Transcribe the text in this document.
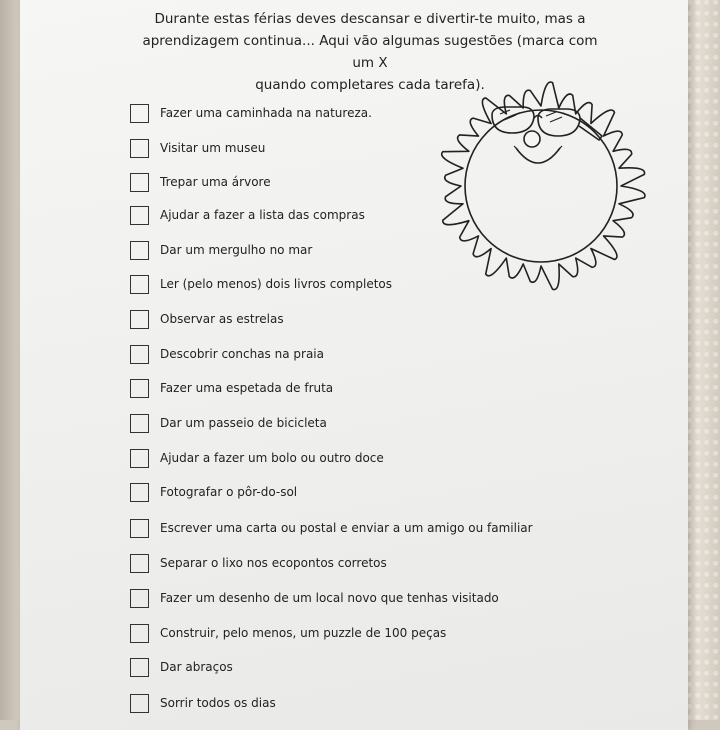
Durante estas férias deves descansar e divertir-te muito, mas a
aprendizagem continua... Aqui vão algumas sugestões (marca com um X
quando completares cada tarefa).
Fazer uma caminhada na natureza.
Visitar um museu
Trepar uma árvore
Ajudar a fazer a lista das compras
Dar um mergulho no mar
Ler (pelo menos) dois livros completos
Observar as estrelas
Descobrir conchas na praia
Fazer uma espetada de fruta
Dar um passeio de bicicleta
Ajudar a fazer um bolo ou outro doce
Fotografar o pôr-do-sol
Escrever uma carta ou postal e enviar a um amigo ou familiar
Separar o lixo nos ecopontos corretos
Fazer um desenho de um local novo que tenhas visitado
Construir, pelo menos, um puzzle de 100 peças
Dar abraços
Sorrir todos os dias
